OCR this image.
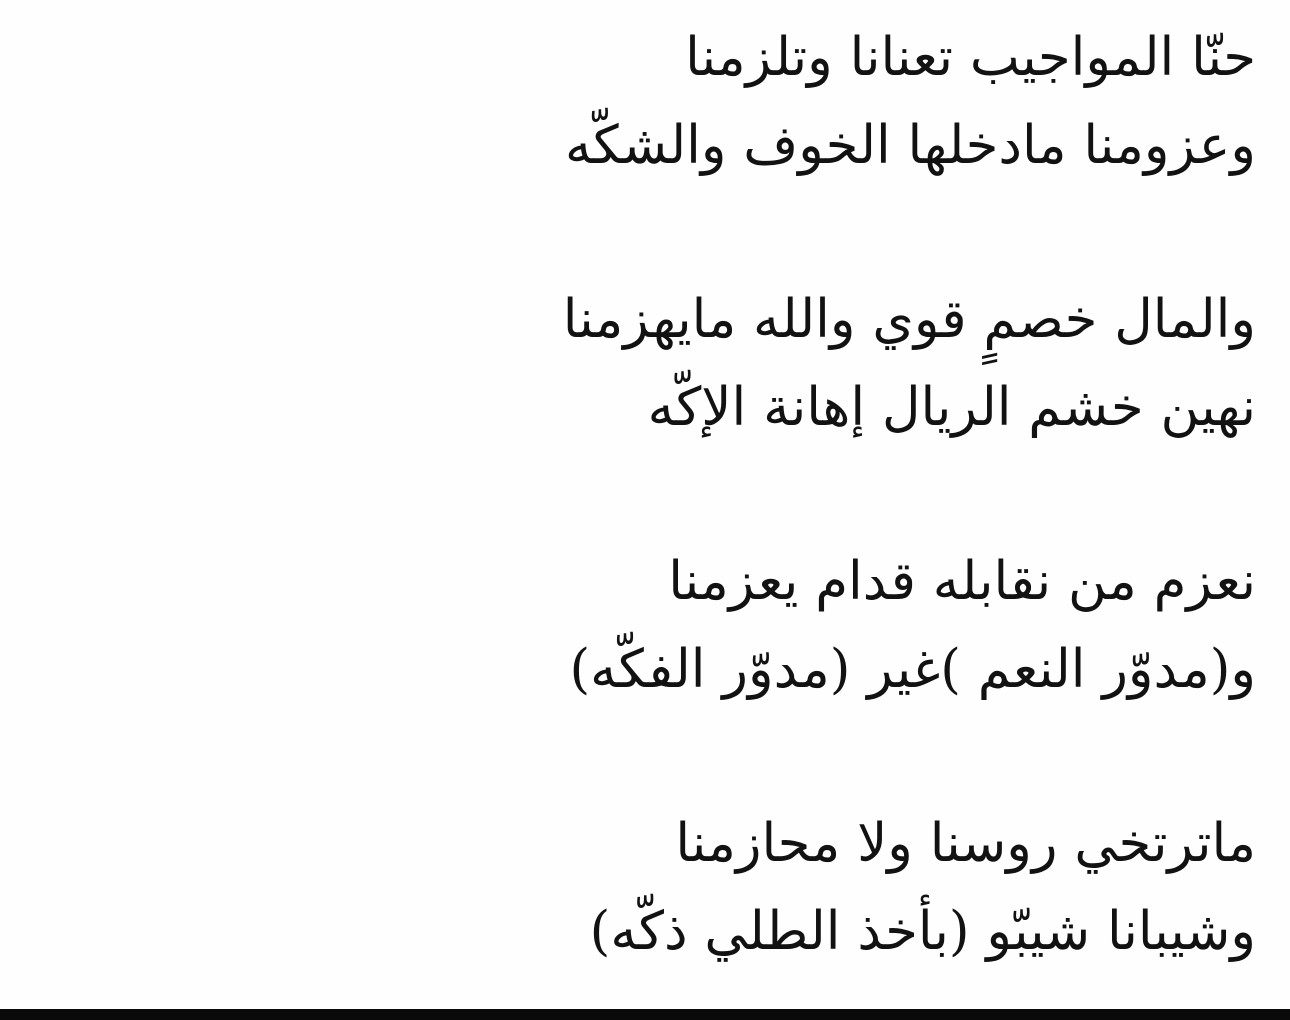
حنّا المواجيب تعنانا وتلزمنا

وعزومنا مادخلها الخوف والشكّه

والمال خصمٍ قوي والله مايهزمنا

نهين خشم الريال إهانة الإكّه

نعزم من نقابله قدام يعزمنا

و(مدوّر النعم )غير (مدوّر الفكّه)

ماترتخي روسنا ولا محازمنا

وشيبانا شيبّو (بأخذ الطلي ذكّه)
